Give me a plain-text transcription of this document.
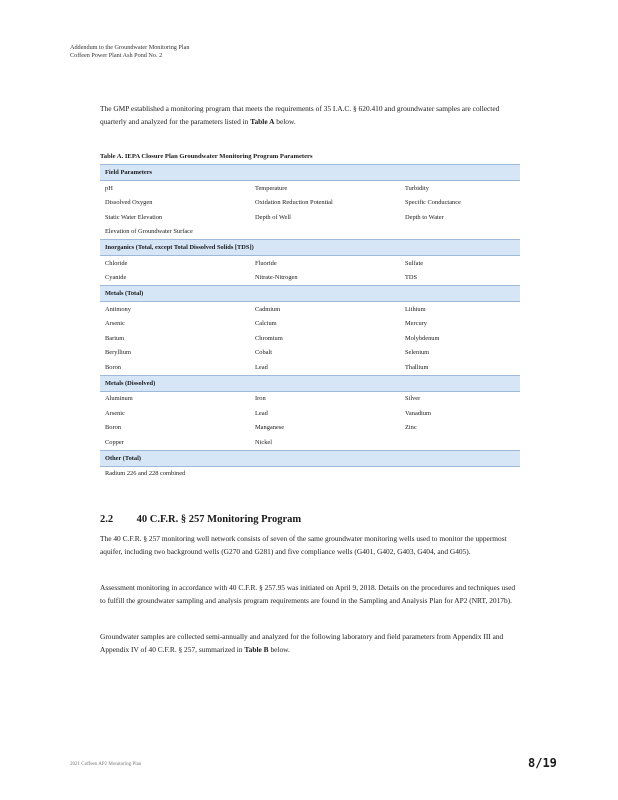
Addendum to the Groundwater Monitoring Plan
Coffeen Power Plant Ash Pond No. 2
The GMP established a monitoring program that meets the requirements of 35 I.A.C. § 620.410 and groundwater samples are collected quarterly and analyzed for the parameters listed in Table A below.
Table A. IEPA Closure Plan Groundwater Monitoring Program Parameters
Field Parameters		
pH	Temperature	Turbidity
Dissolved Oxygen	Oxidation Reduction Potential	Specific Conductance
Static Water Elevation	Depth of Well	Depth to Water
Elevation of Groundwater Surface		
Inorganics (Total, except Total Dissolved Solids [TDS])		
Chloride	Fluoride	Sulfate
Cyanide	Nitrate-Nitrogen	TDS
Metals (Total)		
Antimony	Cadmium	Lithium
Arsenic	Calcium	Mercury
Barium	Chromium	Molybdenum
Beryllium	Cobalt	Selenium
Boron	Lead	Thallium
Metals (Dissolved)		
Aluminum	Iron	Silver
Arsenic	Lead	Vanadium
Boron	Manganese	Zinc
Copper	Nickel	
Other (Total)		
Radium 226 and 228 combined		
2.2 40 C.F.R. § 257 Monitoring Program
The 40 C.F.R. § 257 monitoring well network consists of seven of the same groundwater monitoring wells used to monitor the uppermost aquifer, including two background wells (G270 and G281) and five compliance wells (G401, G402, G403, G404, and G405).
Assessment monitoring in accordance with 40 C.F.R. § 257.95 was initiated on April 9, 2018. Details on the procedures and techniques used to fulfill the groundwater sampling and analysis program requirements are found in the Sampling and Analysis Plan for AP2 (NRT, 2017b).
Groundwater samples are collected semi-annually and analyzed for the following laboratory and field parameters from Appendix III and Appendix IV of 40 C.F.R. § 257, summarized in Table B below.
2021 Coffeen AP2 Monitoring Plan	8/19
